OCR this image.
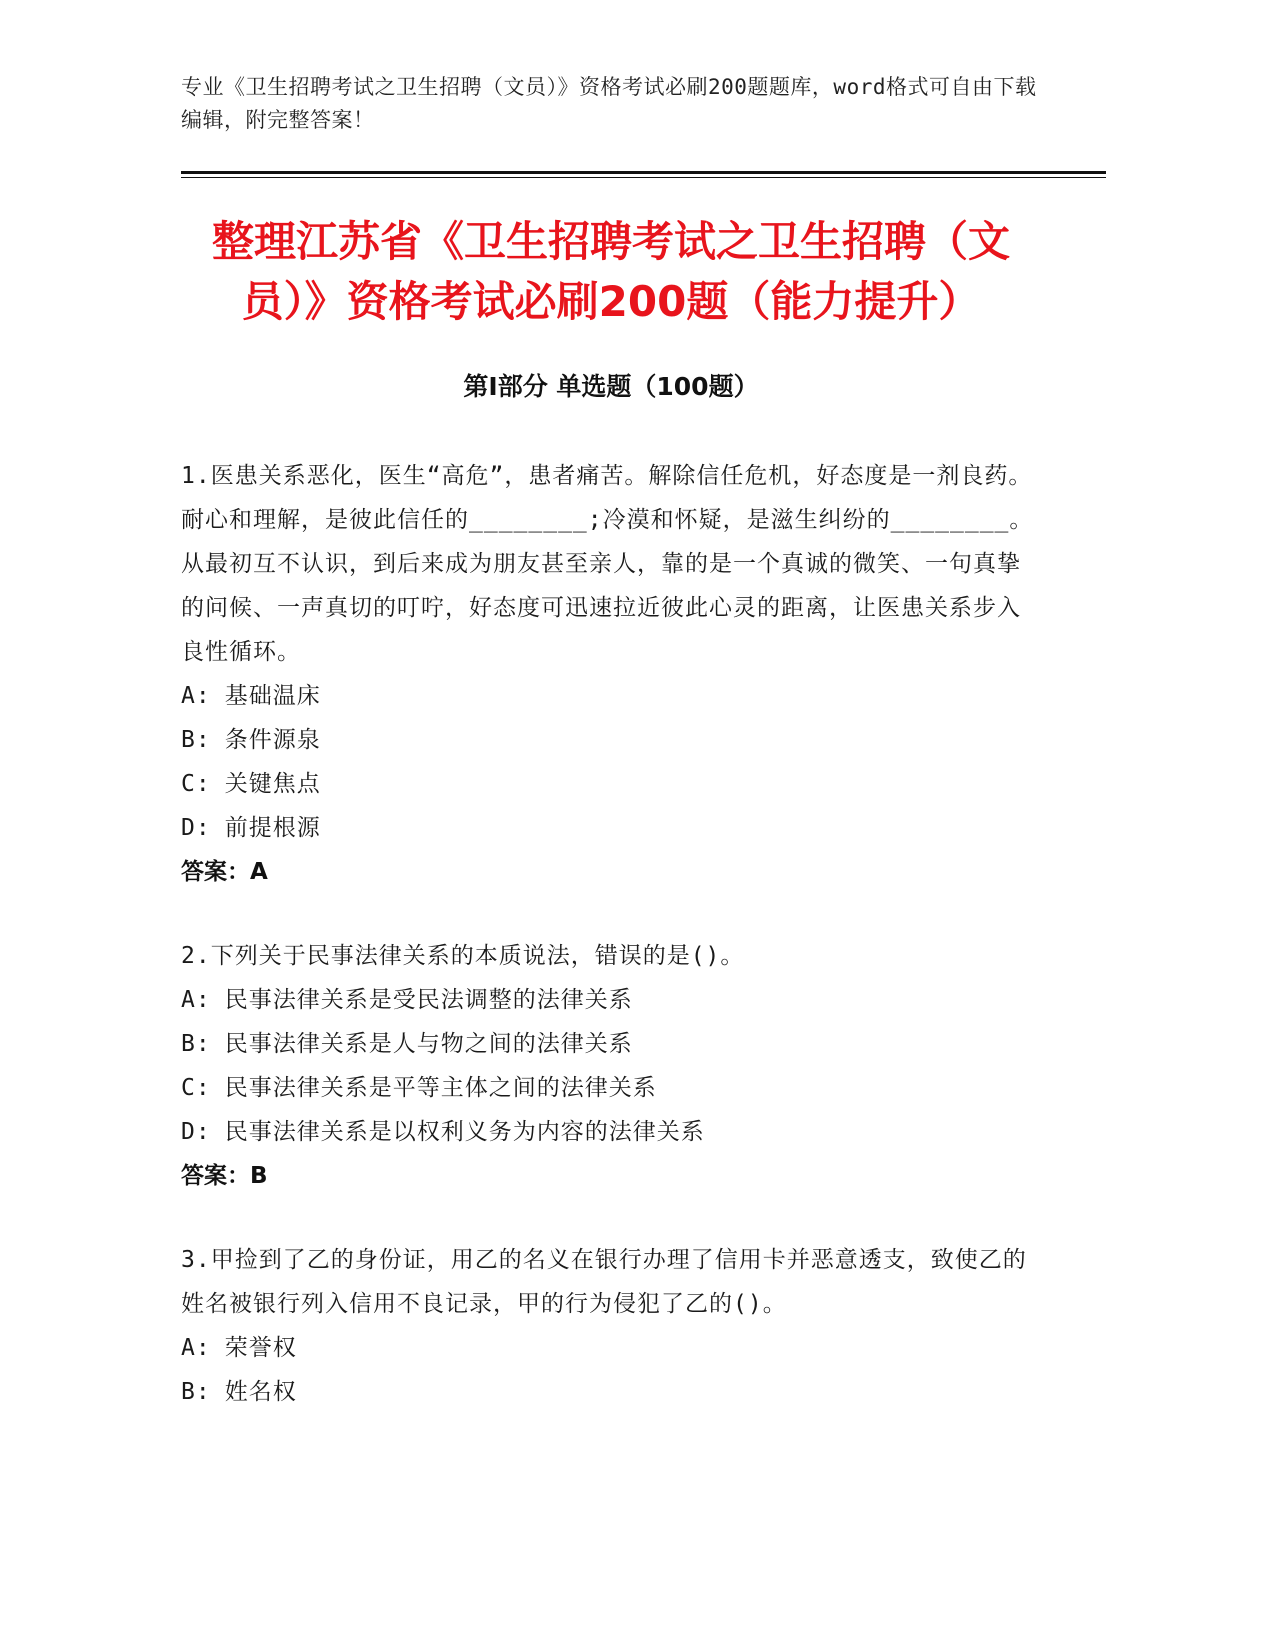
专业《卫生招聘考试之卫生招聘（文员）》资格考试必刷200题题库，word格式可自由下载编辑，附完整答案！
整理江苏省《卫生招聘考试之卫生招聘（文员）》资格考试必刷200题（能力提升）
第I部分 单选题（100题）
1.医患关系恶化，医生“高危”，患者痛苦。解除信任危机，好态度是一剂良药。耐心和理解，是彼此信任的________;冷漠和怀疑，是滋生纠纷的________。从最初互不认识，到后来成为朋友甚至亲人，靠的是一个真诚的微笑、一句真挚的问候、一声真切的叮咛，好态度可迅速拉近彼此心灵的距离，让医患关系步入良性循环。
A: 基础温床
B: 条件源泉
C: 关键焦点
D: 前提根源
答案：A
2.下列关于民事法律关系的本质说法，错误的是()。
A: 民事法律关系是受民法调整的法律关系
B: 民事法律关系是人与物之间的法律关系
C: 民事法律关系是平等主体之间的法律关系
D: 民事法律关系是以权利义务为内容的法律关系
答案：B
3.甲捡到了乙的身份证，用乙的名义在银行办理了信用卡并恶意透支，致使乙的姓名被银行列入信用不良记录，甲的行为侵犯了乙的()。
A: 荣誉权
B: 姓名权
